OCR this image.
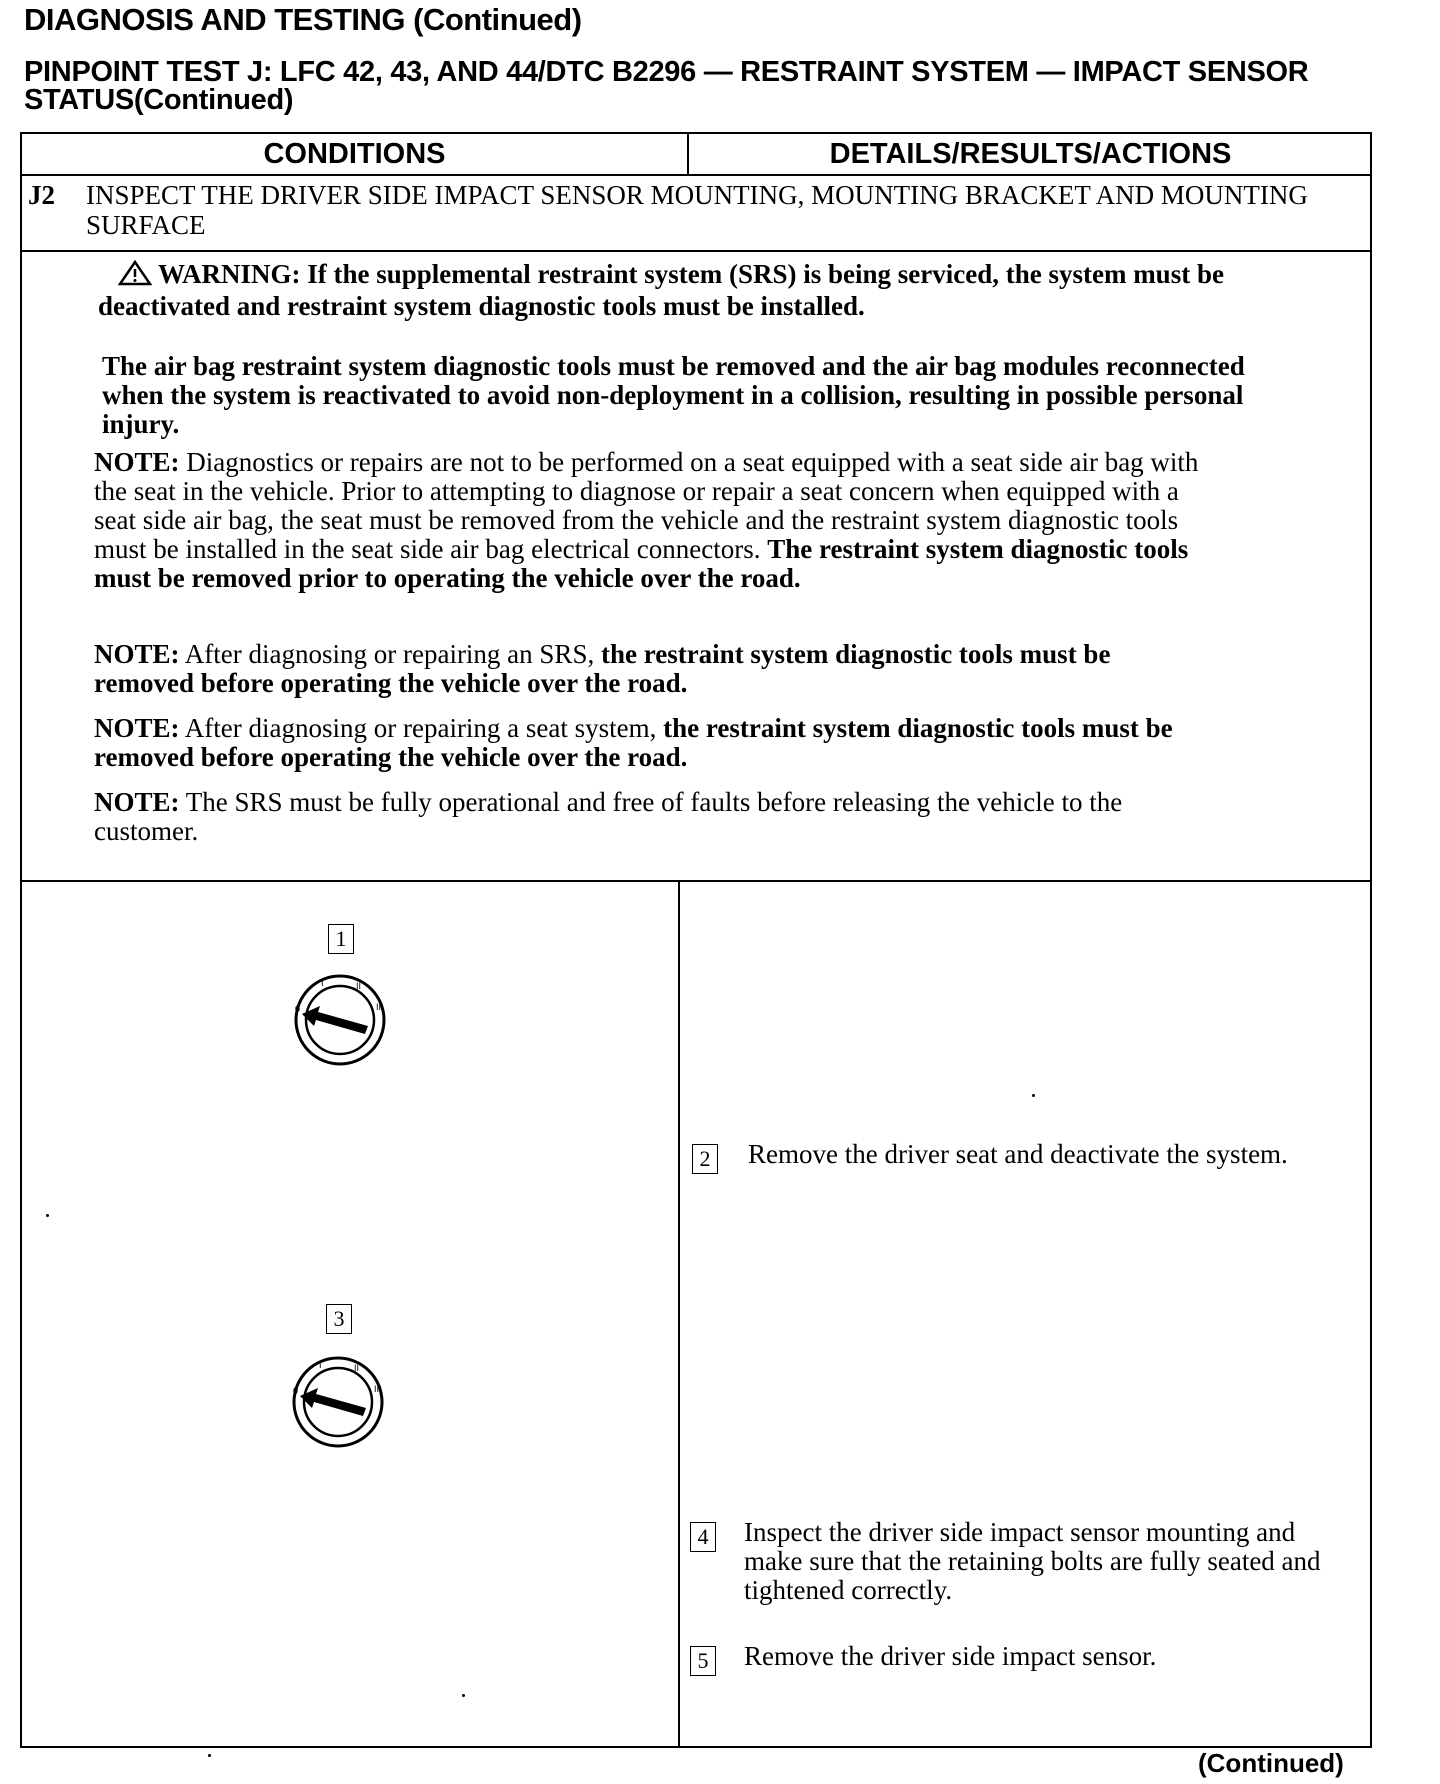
DIAGNOSIS AND TESTING (Continued)
PINPOINT TEST J: LFC 42, 43, AND 44/DTC B2296 — RESTRAINT SYSTEM — IMPACT SENSOR STATUS(Continued)
CONDITIONS	DETAILS/RESULTS/ACTIONS
J2 INSPECT THE DRIVER SIDE IMPACT SENSOR MOUNTING, MOUNTING BRACKET AND MOUNTING SURFACE
WARNING: If the supplemental restraint system (SRS) is being serviced, the system must be deactivated and restraint system diagnostic tools must be installed.
The air bag restraint system diagnostic tools must be removed and the air bag modules reconnected when the system is reactivated to avoid non-deployment in a collision, resulting in possible personal injury.
NOTE: Diagnostics or repairs are not to be performed on a seat equipped with a seat side air bag with the seat in the vehicle. Prior to attempting to diagnose or repair a seat concern when equipped with a seat side air bag, the seat must be removed from the vehicle and the restraint system diagnostic tools must be installed in the seat side air bag electrical connectors. The restraint system diagnostic tools must be removed prior to operating the vehicle over the road.
NOTE: After diagnosing or repairing an SRS, the restraint system diagnostic tools must be removed before operating the vehicle over the road.
NOTE: After diagnosing or repairing a seat system, the restraint system diagnostic tools must be removed before operating the vehicle over the road.
NOTE: The SRS must be fully operational and free of faults before releasing the vehicle to the customer.
1
0
I	II
III
2 Remove the driver seat and deactivate the system.
3
0
I	II
III
4 Inspect the driver side impact sensor mounting and make sure that the retaining bolts are fully seated and tightened correctly.
5 Remove the driver side impact sensor.
(Continued)
